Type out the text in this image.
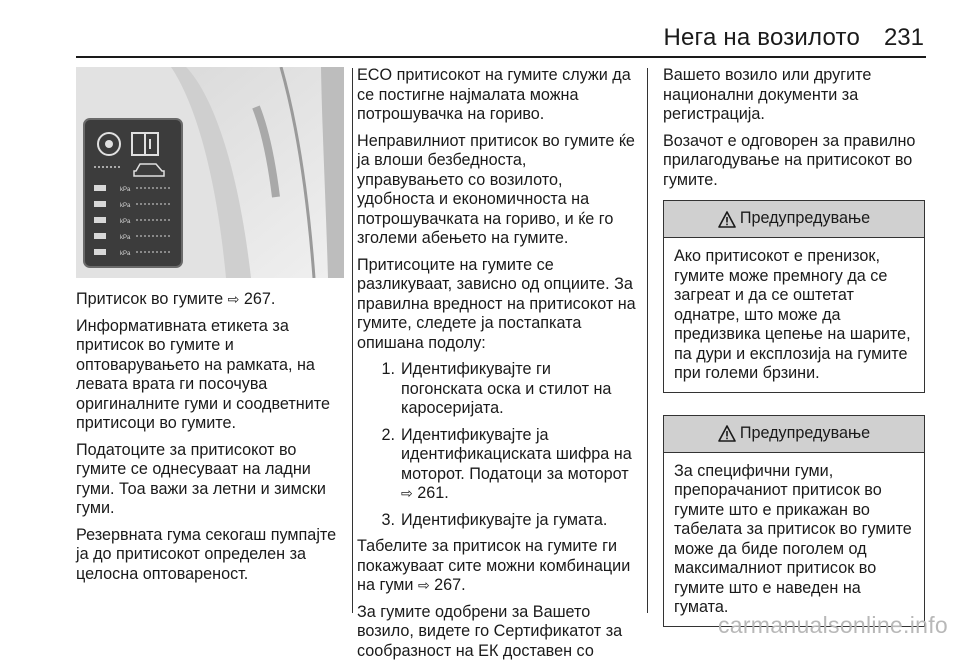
Нега на возилото 231
kPa
kPa
kPa
kPa
kPa

Притисок во гумите ⇨ 267.

Информативната етикета за притисок во гумите и оптоварувањето на рамката, на левата врата ги посочува оригиналните гуми и соодветните притисоци во гумите.

Податоците за притисокот во гумите се однесуваат на ладни гуми. Тоа важи за летни и зимски гуми.

Резервната гума секогаш пумпајте ја до притисокот определен за целосна оптовареност.

ECO притисокот на гумите служи да се постигне најмалата можна потрошувачка на гориво.

Неправилниот притисок во гумите ќе ја влоши безбедноста, управувањето со возилото, удобноста и економичноста на потрошувачката на гориво, и ќе го зголеми абењето на гумите.

Притисоците на гумите се разликуваат, зависно од опциите. За правилна вредност на притисокот на гумите, следете ја постапката опишана подолу:

1. Идентификувајте ги погонската оска и стилот на каросеријата.
2. Идентификувајте ја идентификациската шифра на моторот. Податоци за моторот
⇨ 261.
3. Идентификувајте ја гумата.

Табелите за притисок на гумите ги покажуваат сите можни комбинации на гуми ⇨ 267.

За гумите одобрени за Вашето возило, видете го Сертификатот за сообразност на ЕК доставен со

Вашето возило или другите национални документи за регистрација.

Возачот е одговорен за правилно прилагодување на притисокот во гумите.

Предупредување
Ако притисокот е пренизок, гумите може премногу да се загреат и да се оштетат однатре, што може да предизвика цепење на шарите, па дури и експлозија на гумите при големи брзини.
Предупредување
За специфични гуми, препорачаниот притисок во гумите што е прикажан во табелата за притисок во гумите може да биде поголем од максималниот притисок во гумите што е наведен на гумата.
carmanualsonline.info
